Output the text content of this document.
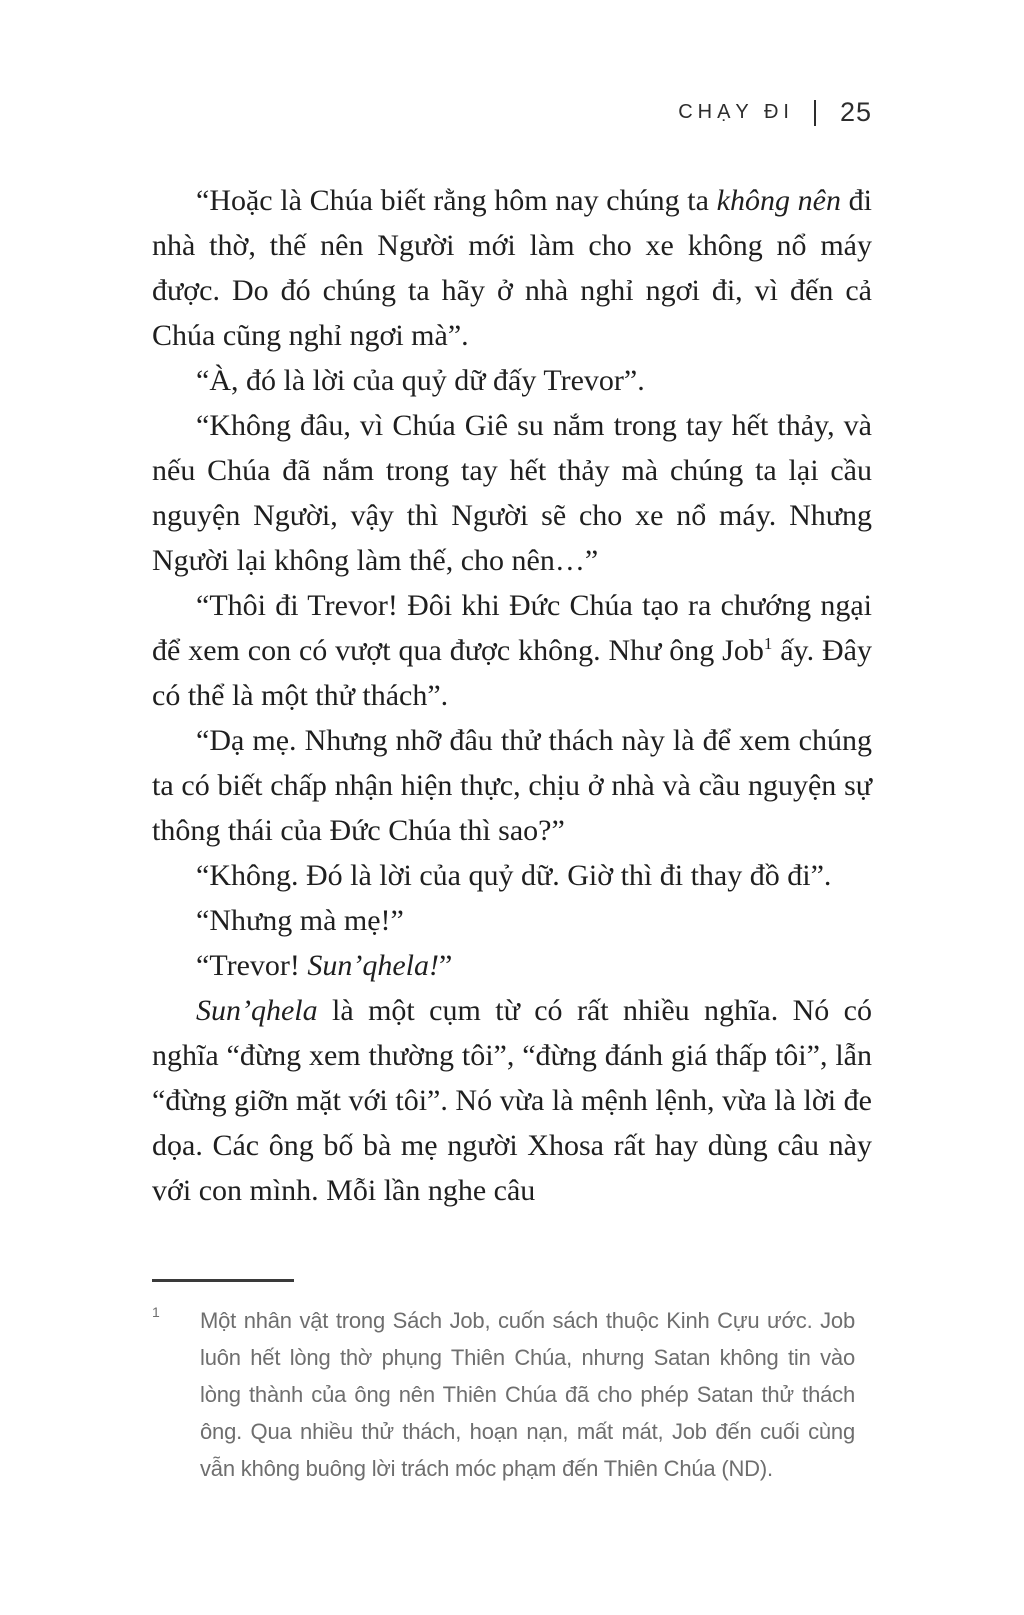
CHẠY ĐI 25

“Hoặc là Chúa biết rằng hôm nay chúng ta không nên đi nhà thờ, thế nên Người mới làm cho xe không nổ máy được. Do đó chúng ta hãy ở nhà nghỉ ngơi đi, vì đến cả Chúa cũng nghỉ ngơi mà”.

“À, đó là lời của quỷ dữ đấy Trevor”.

“Không đâu, vì Chúa Giê su nắm trong tay hết thảy, và nếu Chúa đã nắm trong tay hết thảy mà chúng ta lại cầu nguyện Người, vậy thì Người sẽ cho xe nổ máy. Nhưng Người lại không làm thế, cho nên…”

“Thôi đi Trevor! Đôi khi Đức Chúa tạo ra chướng ngại để xem con có vượt qua được không. Như ông Job$^1$ ấy. Đây có thể là một thử thách”.

“Dạ mẹ. Nhưng nhỡ đâu thử thách này là để xem chúng ta có biết chấp nhận hiện thực, chịu ở nhà và cầu nguyện sự thông thái của Đức Chúa thì sao?”

“Không. Đó là lời của quỷ dữ. Giờ thì đi thay đồ đi”.

“Nhưng mà mẹ!”

“Trevor! Sun’qhela!”

Sun’qhela là một cụm từ có rất nhiều nghĩa. Nó có nghĩa “đừng xem thường tôi”, “đừng đánh giá thấp tôi”, lẫn “đừng giỡn mặt với tôi”. Nó vừa là mệnh lệnh, vừa là lời đe dọa. Các ông bố bà mẹ người Xhosa rất hay dùng câu này với con mình. Mỗi lần nghe câu

1	Một nhân vật trong Sách Job, cuốn sách thuộc Kinh Cựu ước. Job luôn hết lòng thờ phụng Thiên Chúa, nhưng Satan không tin vào lòng thành của ông nên Thiên Chúa đã cho phép Satan thử thách ông. Qua nhiều thử thách, hoạn nạn, mất mát, Job đến cuối cùng vẫn không buông lời trách móc phạm đến Thiên Chúa (ND).
